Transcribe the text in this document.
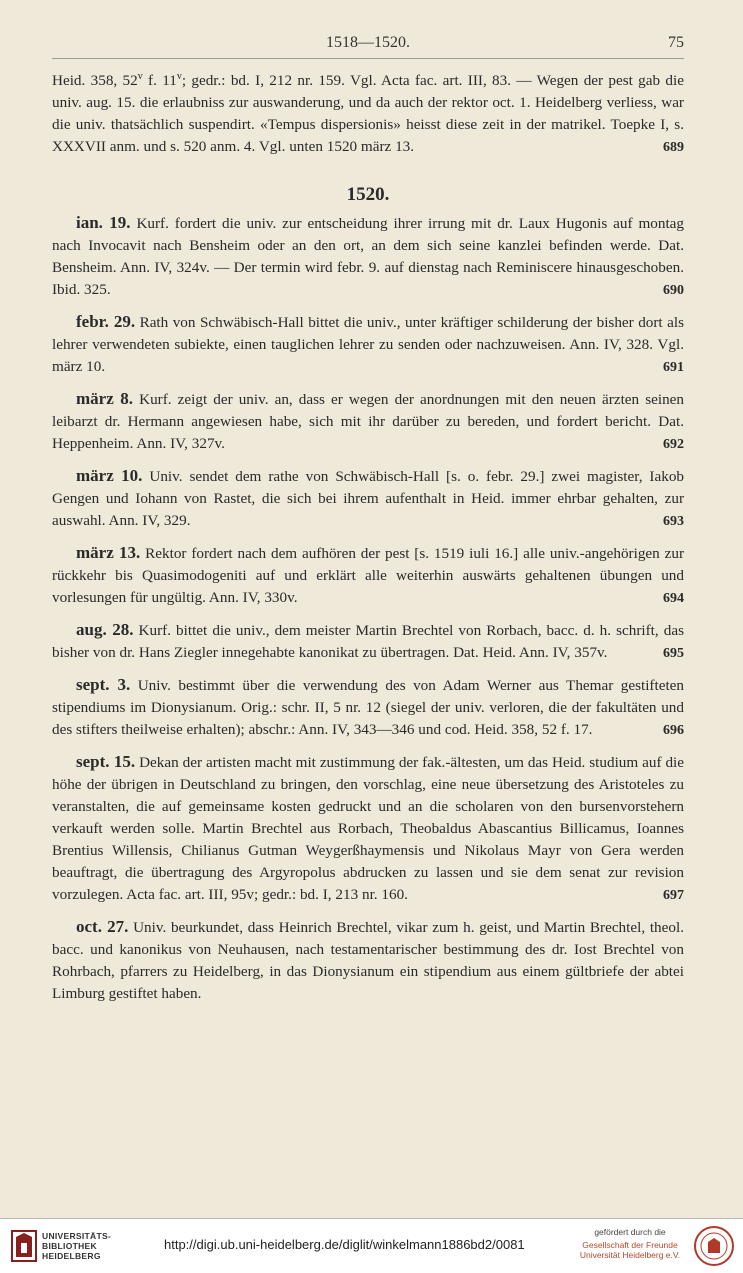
1518—1520.	75

Heid. 358, 52$^v$ f. 11$^v$; gedr.: bd. I, 212 nr. 159. Vgl. Acta fac. art. III, 83. — Wegen der pest gab die univ. aug. 15. die erlaubniss zur auswanderung, und da auch der rektor oct. 1. Heidelberg verliess, war die univ. thatsächlich suspendirt. «Tempus dispersionis» heisst diese zeit in der matrikel. Toepke I, s. XXXVII anm. und s. 520 anm. 4. Vgl. unten 1520 märz 13.	689
1520.

ian. 19. Kurf. fordert die univ. zur entscheidung ihrer irrung mit dr. Laux Hugonis auf montag nach Invocavit nach Bensheim oder an den ort, an dem sich seine kanzlei befinden werde. Dat. Bensheim. Ann. IV, 324v. — Der termin wird febr. 9. auf dienstag nach Reminiscere hinausgeschoben. Ibid. 325.	690

febr. 29. Rath von Schwäbisch-Hall bittet die univ., unter kräftiger schilderung der bisher dort als lehrer verwendeten subiekte, einen tauglichen lehrer zu senden oder nachzuweisen. Ann. IV, 328. Vgl. märz 10.	691

märz 8. Kurf. zeigt der univ. an, dass er wegen der anordnungen mit den neuen ärzten seinen leibarzt dr. Hermann angewiesen habe, sich mit ihr darüber zu bereden, und fordert bericht. Dat. Heppenheim. Ann. IV, 327v.	692

märz 10. Univ. sendet dem rathe von Schwäbisch-Hall [s. o. febr. 29.] zwei magister, Iakob Gengen und Iohann von Rastet, die sich bei ihrem aufenthalt in Heid. immer ehrbar gehalten, zur auswahl. Ann. IV, 329.	693

märz 13. Rektor fordert nach dem aufhören der pest [s. 1519 iuli 16.] alle univ.-angehörigen zur rückkehr bis Quasimodogeniti auf und erklärt alle weiterhin auswärts gehaltenen übungen und vorlesungen für ungültig. Ann. IV, 330v.	694

aug. 28. Kurf. bittet die univ., dem meister Martin Brechtel von Rorbach, bacc. d. h. schrift, das bisher von dr. Hans Ziegler innegehabte kanonikat zu übertragen. Dat. Heid. Ann. IV, 357v.	695

sept. 3. Univ. bestimmt über die verwendung des von Adam Werner aus Themar gestifteten stipendiums im Dionysianum. Orig.: schr. II, 5 nr. 12 (siegel der univ. verloren, die der fakultäten und des stifters theilweise erhalten); abschr.: Ann. IV, 343—346 und cod. Heid. 358, 52 f. 17.	696

sept. 15. Dekan der artisten macht mit zustimmung der fak.-ältesten, um das Heid. studium auf die höhe der übrigen in Deutschland zu bringen, den vorschlag, eine neue übersetzung des Aristoteles zu veranstalten, die auf gemeinsame kosten gedruckt und an die scholaren von den bursenvorstehern verkauft werden solle. Martin Brechtel aus Rorbach, Theobaldus Abascantius Billicamus, Ioannes Brentius Willensis, Chilianus Gutman Weygerßhaymensis und Nikolaus Mayr von Gera werden beauftragt, die übertragung des Argyropolus abdrucken zu lassen und sie dem senat zur revision vorzulegen. Acta fac. art. III, 95v; gedr.: bd. I, 213 nr. 160.	697

oct. 27. Univ. beurkundet, dass Heinrich Brechtel, vikar zum h. geist, und Martin Brechtel, theol. bacc. und kanonikus von Neuhausen, nach testamentarischer bestimmung des dr. Iost Brechtel von Rohrbach, pfarrers zu Heidelberg, in das Dionysianum ein stipendium aus einem gültbriefe der abtei Limburg gestiftet haben.

UNIVERSITÄTS-
BIBLIOTHEK
HEIDELBERG
http://digi.ub.uni-heidelberg.de/diglit/winkelmann1886bd2/0081
gefördert durch die
Gesellschaft der Freunde
Universität Heidelberg e.V.
